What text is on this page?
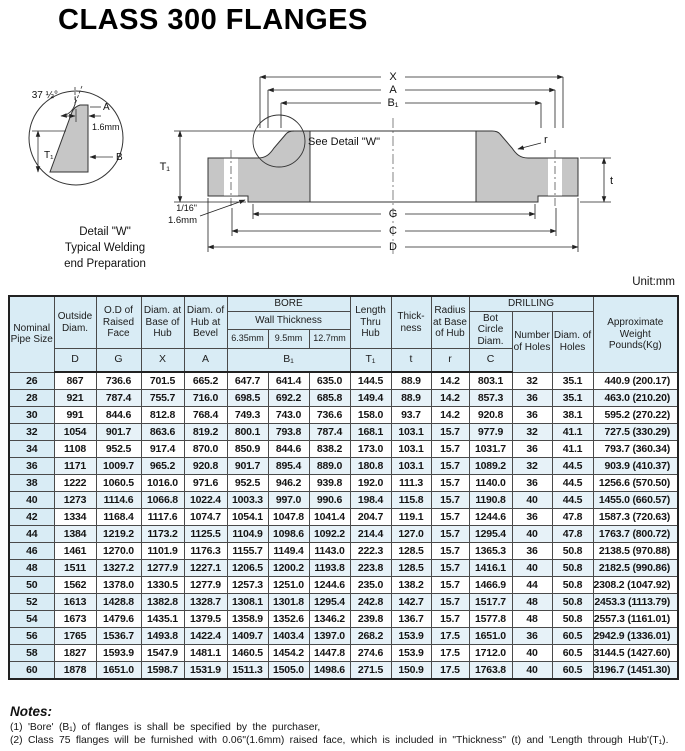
CLASS 300 FLANGES
37 ½°
A
1.6mm
B
T₁
Detail "W"
Typical Welding
end Preparation
See Detail "W"
X
A
B₁
G
C
D
T₁
t
r
1/16"
1.6mm
Unit:mm
Nominal Pipe Size	Outside Diam.	O.D of Raised Face	Diam. at Base of Hub	Diam. of Hub at Bevel	BORE			Length Thru Hub	Thick-ness	Radius at Base of Hub	DRILLING			Approximate Weight Pounds(Kg)
					Wall Thickness						Bot Circle Diam.	Number of Holes	Diam. of Holes	
					6.35mm	9.5mm	12.7mm							
	D	G	X	A	B₁			T₁	t	r	C			
26	867	736.6	701.5	665.2	647.7	641.4	635.0	144.5	88.9	14.2	803.1	32	35.1	440.9 (200.17)
28	921	787.4	755.7	716.0	698.5	692.2	685.8	149.4	88.9	14.2	857.3	36	35.1	463.0 (210.20)
30	991	844.6	812.8	768.4	749.3	743.0	736.6	158.0	93.7	14.2	920.8	36	38.1	595.2 (270.22)
32	1054	901.7	863.6	819.2	800.1	793.8	787.4	168.1	103.1	15.7	977.9	32	41.1	727.5 (330.29)
34	1108	952.5	917.4	870.0	850.9	844.6	838.2	173.0	103.1	15.7	1031.7	36	41.1	793.7 (360.34)
36	1171	1009.7	965.2	920.8	901.7	895.4	889.0	180.8	103.1	15.7	1089.2	32	44.5	903.9 (410.37)
38	1222	1060.5	1016.0	971.6	952.5	946.2	939.8	192.0	111.3	15.7	1140.0	36	44.5	1256.6 (570.50)
40	1273	1114.6	1066.8	1022.4	1003.3	997.0	990.6	198.4	115.8	15.7	1190.8	40	44.5	1455.0 (660.57)
42	1334	1168.4	1117.6	1074.7	1054.1	1047.8	1041.4	204.7	119.1	15.7	1244.6	36	47.8	1587.3 (720.63)
44	1384	1219.2	1173.2	1125.5	1104.9	1098.6	1092.2	214.4	127.0	15.7	1295.4	40	47.8	1763.7 (800.72)
46	1461	1270.0	1101.9	1176.3	1155.7	1149.4	1143.0	222.3	128.5	15.7	1365.3	36	50.8	2138.5 (970.88)
48	1511	1327.2	1277.9	1227.1	1206.5	1200.2	1193.8	223.8	128.5	15.7	1416.1	40	50.8	2182.5 (990.86)
50	1562	1378.0	1330.5	1277.9	1257.3	1251.0	1244.6	235.0	138.2	15.7	1466.9	44	50.8	2308.2 (1047.92)
52	1613	1428.8	1382.8	1328.7	1308.1	1301.8	1295.4	242.8	142.7	15.7	1517.7	48	50.8	2453.3 (1113.79)
54	1673	1479.6	1435.1	1379.5	1358.9	1352.6	1346.2	239.8	136.7	15.7	1577.8	48	50.8	2557.3 (1161.01)
56	1765	1536.7	1493.8	1422.4	1409.7	1403.4	1397.0	268.2	153.9	17.5	1651.0	36	60.5	2942.9 (1336.01)
58	1827	1593.9	1547.9	1481.1	1460.5	1454.2	1447.8	274.6	153.9	17.5	1712.0	40	60.5	3144.5 (1427.60)
60	1878	1651.0	1598.7	1531.9	1511.3	1505.0	1498.6	271.5	150.9	17.5	1763.8	40	60.5	3196.7 (1451.30)
Notes:
(1) 'Bore' (B₁) of flanges is shall be specified by the purchaser,
(2) Class 75 flanges will be furnished with 0.06"(1.6mm) raised face, which is included in "Thickness" (t) and 'Length through Hub'(T₁).
